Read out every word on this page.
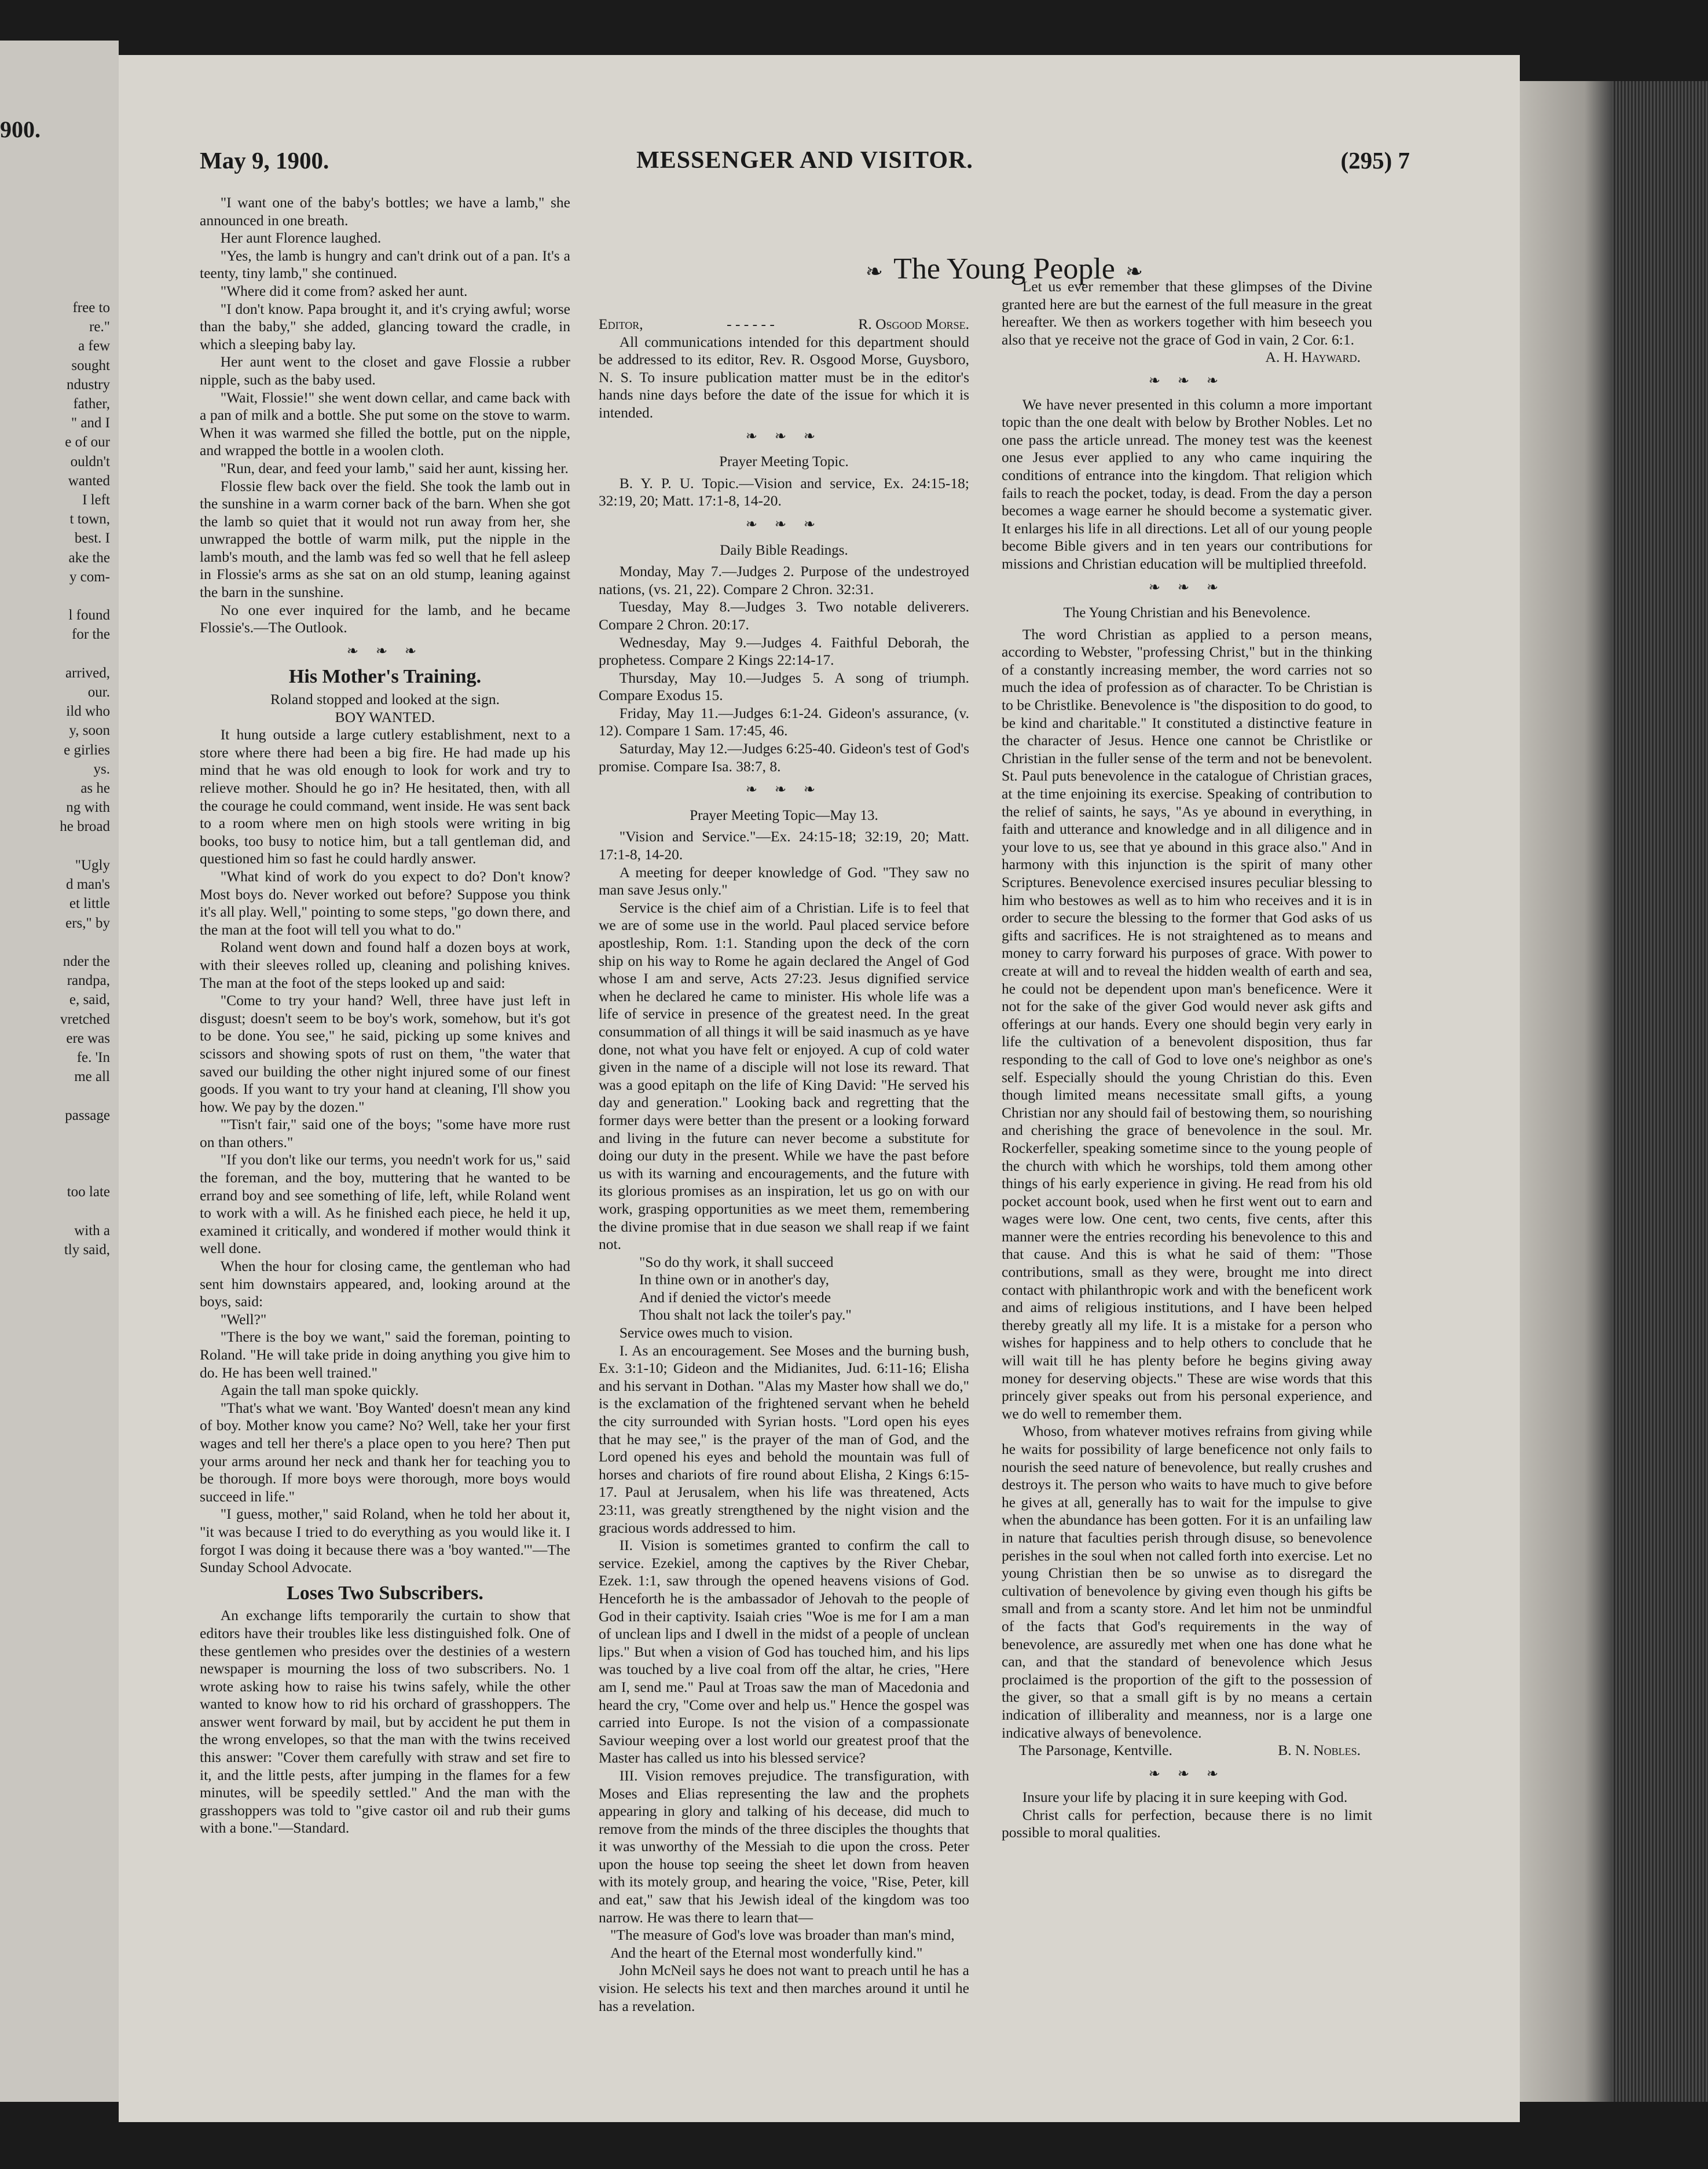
900.
free to
re."
a few
sought
ndustry
father,
" and I
e of our
ouldn't
wanted
I left
t town,
best. I
ake the
y com-

l found
for the

arrived,
our.
ild who
y, soon
e girlies
ys.
as he
ng with
he broad

"Ugly
d man's
et little
ers," by

nder the
randpa,
e, said,
vretched
ere was
fe. 'In
me all

passage

too late

with a
tly said,
May 9, 1900.	MESSENGER AND VISITOR.	(295) 7
❧ The Young People ❧

"I want one of the baby's bottles; we have a lamb," she announced in one breath.

Her aunt Florence laughed.

"Yes, the lamb is hungry and can't drink out of a pan. It's a teenty, tiny lamb," she continued.

"Where did it come from? asked her aunt.

"I don't know. Papa brought it, and it's crying awful; worse than the baby," she added, glancing toward the cradle, in which a sleeping baby lay.

Her aunt went to the closet and gave Flossie a rubber nipple, such as the baby used.

"Wait, Flossie!" she went down cellar, and came back with a pan of milk and a bottle. She put some on the stove to warm. When it was warmed she filled the bottle, put on the nipple, and wrapped the bottle in a woolen cloth.

"Run, dear, and feed your lamb," said her aunt, kissing her.

Flossie flew back over the field. She took the lamb out in the sunshine in a warm corner back of the barn. When she got the lamb so quiet that it would not run away from her, she unwrapped the bottle of warm milk, put the nipple in the lamb's mouth, and the lamb was fed so well that he fell asleep in Flossie's arms as she sat on an old stump, leaning against the barn in the sunshine.

No one ever inquired for the lamb, and he became Flossie's.—The Outlook.

❧ ❧ ❧
His Mother's Training.

Roland stopped and looked at the sign.

BOY WANTED.

It hung outside a large cutlery establishment, next to a store where there had been a big fire. He had made up his mind that he was old enough to look for work and try to relieve mother. Should he go in? He hesitated, then, with all the courage he could command, went inside. He was sent back to a room where men on high stools were writing in big books, too busy to notice him, but a tall gentleman did, and questioned him so fast he could hardly answer.

"What kind of work do you expect to do? Don't know? Most boys do. Never worked out before? Suppose you think it's all play. Well," pointing to some steps, "go down there, and the man at the foot will tell you what to do."

Roland went down and found half a dozen boys at work, with their sleeves rolled up, cleaning and polishing knives. The man at the foot of the steps looked up and said:

"Come to try your hand? Well, three have just left in disgust; doesn't seem to be boy's work, somehow, but it's got to be done. You see," he said, picking up some knives and scissors and showing spots of rust on them, "the water that saved our building the other night injured some of our finest goods. If you want to try your hand at cleaning, I'll show you how. We pay by the dozen."

"'Tisn't fair," said one of the boys; "some have more rust on than others."

"If you don't like our terms, you needn't work for us," said the foreman, and the boy, muttering that he wanted to be errand boy and see something of life, left, while Roland went to work with a will. As he finished each piece, he held it up, examined it critically, and wondered if mother would think it well done.

When the hour for closing came, the gentleman who had sent him downstairs appeared, and, looking around at the boys, said:

"Well?"

"There is the boy we want," said the foreman, pointing to Roland. "He will take pride in doing anything you give him to do. He has been well trained."

Again the tall man spoke quickly.

"That's what we want. 'Boy Wanted' doesn't mean any kind of boy. Mother know you came? No? Well, take her your first wages and tell her there's a place open to you here? Then put your arms around her neck and thank her for teaching you to be thorough. If more boys were thorough, more boys would succeed in life."

"I guess, mother," said Roland, when he told her about it, "it was because I tried to do everything as you would like it. I forgot I was doing it because there was a 'boy wanted.'"—The Sunday School Advocate.

Loses Two Subscribers.

An exchange lifts temporarily the curtain to show that editors have their troubles like less distinguished folk. One of these gentlemen who presides over the destinies of a western newspaper is mourning the loss of two subscribers. No. 1 wrote asking how to raise his twins safely, while the other wanted to know how to rid his orchard of grasshoppers. The answer went forward by mail, but by accident he put them in the wrong envelopes, so that the man with the twins received this answer: "Cover them carefully with straw and set fire to it, and the little pests, after jumping in the flames for a few minutes, will be speedily settled." And the man with the grasshoppers was told to "give castor oil and rub their gums with a bone."—Standard.

Editor,	- - - - - -	R. Osgood Morse.

All communications intended for this department should be addressed to its editor, Rev. R. Osgood Morse, Guysboro, N. S. To insure publication matter must be in the editor's hands nine days before the date of the issue for which it is intended.

❧ ❧ ❧
Prayer Meeting Topic.

B. Y. P. U. Topic.—Vision and service, Ex. 24:15-18; 32:19, 20; Matt. 17:1-8, 14-20.

❧ ❧ ❧
Daily Bible Readings.

Monday, May 7.—Judges 2. Purpose of the undestroyed nations, (vs. 21, 22). Compare 2 Chron. 32:31.

Tuesday, May 8.—Judges 3. Two notable deliverers. Compare 2 Chron. 20:17.

Wednesday, May 9.—Judges 4. Faithful Deborah, the prophetess. Compare 2 Kings 22:14-17.

Thursday, May 10.—Judges 5. A song of triumph. Compare Exodus 15.

Friday, May 11.—Judges 6:1-24. Gideon's assurance, (v. 12). Compare 1 Sam. 17:45, 46.

Saturday, May 12.—Judges 6:25-40. Gideon's test of God's promise. Compare Isa. 38:7, 8.

❧ ❧ ❧
Prayer Meeting Topic—May 13.

"Vision and Service."—Ex. 24:15-18; 32:19, 20; Matt. 17:1-8, 14-20.

A meeting for deeper knowledge of God. "They saw no man save Jesus only."

Service is the chief aim of a Christian. Life is to feel that we are of some use in the world. Paul placed service before apostleship, Rom. 1:1. Standing upon the deck of the corn ship on his way to Rome he again declared the Angel of God whose I am and serve, Acts 27:23. Jesus dignified service when he declared he came to minister. His whole life was a life of service in presence of the greatest need. In the great consummation of all things it will be said inasmuch as ye have done, not what you have felt or enjoyed. A cup of cold water given in the name of a disciple will not lose its reward. That was a good epitaph on the life of King David: "He served his day and generation." Looking back and regretting that the former days were better than the present or a looking forward and living in the future can never become a substitute for doing our duty in the present. While we have the past before us with its warning and encouragements, and the future with its glorious promises as an inspiration, let us go on with our work, grasping opportunities as we meet them, remembering the divine promise that in due season we shall reap if we faint not.

"So do thy work, it shall succeed
In thine own or in another's day,
And if denied the victor's meede
Thou shalt not lack the toiler's pay."

Service owes much to vision.

I. As an encouragement. See Moses and the burning bush, Ex. 3:1-10; Gideon and the Midianites, Jud. 6:11-16; Elisha and his servant in Dothan. "Alas my Master how shall we do," is the exclamation of the frightened servant when he beheld the city surrounded with Syrian hosts. "Lord open his eyes that he may see," is the prayer of the man of God, and the Lord opened his eyes and behold the mountain was full of horses and chariots of fire round about Elisha, 2 Kings 6:15-17. Paul at Jerusalem, when his life was threatened, Acts 23:11, was greatly strengthened by the night vision and the gracious words addressed to him.

II. Vision is sometimes granted to confirm the call to service. Ezekiel, among the captives by the River Chebar, Ezek. 1:1, saw through the opened heavens visions of God. Henceforth he is the ambassador of Jehovah to the people of God in their captivity. Isaiah cries "Woe is me for I am a man of unclean lips and I dwell in the midst of a people of unclean lips." But when a vision of God has touched him, and his lips was touched by a live coal from off the altar, he cries, "Here am I, send me." Paul at Troas saw the man of Macedonia and heard the cry, "Come over and help us." Hence the gospel was carried into Europe. Is not the vision of a compassionate Saviour weeping over a lost world our greatest proof that the Master has called us into his blessed service?

III. Vision removes prejudice. The transfiguration, with Moses and Elias representing the law and the prophets appearing in glory and talking of his decease, did much to remove from the minds of the three disciples the thoughts that it was unworthy of the Messiah to die upon the cross. Peter upon the house top seeing the sheet let down from heaven with its motely group, and hearing the voice, "Rise, Peter, kill and eat," saw that his Jewish ideal of the kingdom was too narrow. He was there to learn that—

"The measure of God's love was broader than man's mind,
And the heart of the Eternal most wonderfully kind."

John McNeil says he does not want to preach until he has a vision. He selects his text and then marches around it until he has a revelation.

Let us ever remember that these glimpses of the Divine granted here are but the earnest of the full measure in the great hereafter. We then as workers together with him beseech you also that ye receive not the grace of God in vain, 2 Cor. 6:1.

A. H. Hayward.
❧ ❧ ❧

We have never presented in this column a more important topic than the one dealt with below by Brother Nobles. Let no one pass the article unread. The money test was the keenest one Jesus ever applied to any who came inquiring the conditions of entrance into the kingdom. That religion which fails to reach the pocket, today, is dead. From the day a person becomes a wage earner he should become a systematic giver. It enlarges his life in all directions. Let all of our young people become Bible givers and in ten years our contributions for missions and Christian education will be multiplied threefold.

❧ ❧ ❧
The Young Christian and his Benevolence.

The word Christian as applied to a person means, according to Webster, "professing Christ," but in the thinking of a constantly increasing member, the word carries not so much the idea of profession as of character. To be Christian is to be Christlike. Benevolence is "the disposition to do good, to be kind and charitable." It constituted a distinctive feature in the character of Jesus. Hence one cannot be Christlike or Christian in the fuller sense of the term and not be benevolent. St. Paul puts benevolence in the catalogue of Christian graces, at the time enjoining its exercise. Speaking of contribution to the relief of saints, he says, "As ye abound in everything, in faith and utterance and knowledge and in all diligence and in your love to us, see that ye abound in this grace also." And in harmony with this injunction is the spirit of many other Scriptures. Benevolence exercised insures peculiar blessing to him who bestowes as well as to him who receives and it is in order to secure the blessing to the former that God asks of us gifts and sacrifices. He is not straightened as to means and money to carry forward his purposes of grace. With power to create at will and to reveal the hidden wealth of earth and sea, he could not be dependent upon man's beneficence. Were it not for the sake of the giver God would never ask gifts and offerings at our hands. Every one should begin very early in life the cultivation of a benevolent disposition, thus far responding to the call of God to love one's neighbor as one's self. Especially should the young Christian do this. Even though limited means necessitate small gifts, a young Christian nor any should fail of bestowing them, so nourishing and cherishing the grace of benevolence in the soul. Mr. Rockerfeller, speaking sometime since to the young people of the church with which he worships, told them among other things of his early experience in giving. He read from his old pocket account book, used when he first went out to earn and wages were low. One cent, two cents, five cents, after this manner were the entries recording his benevolence to this and that cause. And this is what he said of them: "Those contributions, small as they were, brought me into direct contact with philanthropic work and with the beneficent work and aims of religious institutions, and I have been helped thereby greatly all my life. It is a mistake for a person who wishes for happiness and to help others to conclude that he will wait till he has plenty before he begins giving away money for deserving objects." These are wise words that this princely giver speaks out from his personal experience, and we do well to remember them.

Whoso, from whatever motives refrains from giving while he waits for possibility of large beneficence not only fails to nourish the seed nature of benevolence, but really crushes and destroys it. The person who waits to have much to give before he gives at all, generally has to wait for the impulse to give when the abundance has been gotten. For it is an unfailing law in nature that faculties perish through disuse, so benevolence perishes in the soul when not called forth into exercise. Let no young Christian then be so unwise as to disregard the cultivation of benevolence by giving even though his gifts be small and from a scanty store. And let him not be unmindful of the facts that God's requirements in the way of benevolence, are assuredly met when one has done what he can, and that the standard of benevolence which Jesus proclaimed is the proportion of the gift to the possession of the giver, so that a small gift is by no means a certain indication of illiberality and meanness, nor is a large one indicative always of benevolence.

The Parsonage, Kentville.	B. N. Nobles.
❧ ❧ ❧

Insure your life by placing it in sure keeping with God.

Christ calls for perfection, because there is no limit possible to moral qualities.
